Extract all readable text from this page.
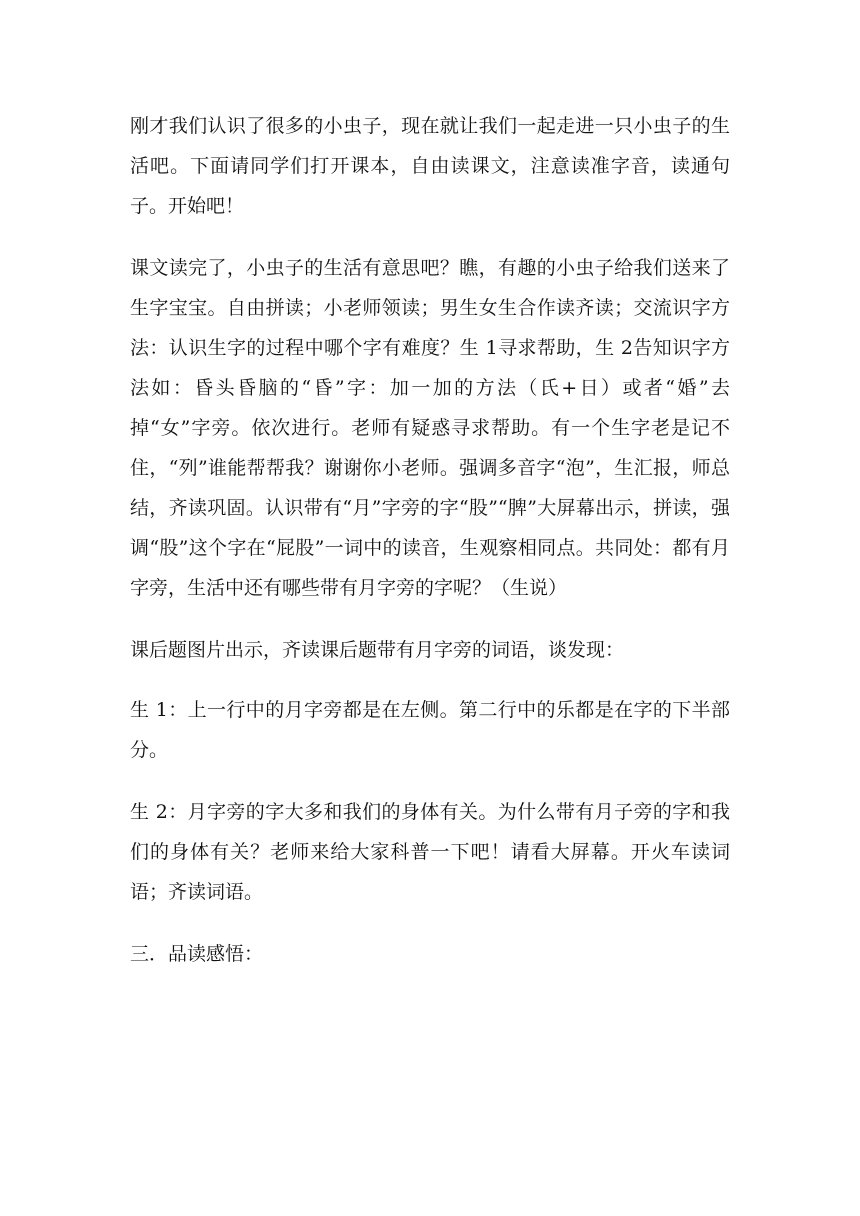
刚才我们认识了很多的小虫子，现在就让我们一起走进一只小虫子的生活吧。下面请同学们打开课本，自由读课文，注意读准字音，读通句子。开始吧！

课文读完了，小虫子的生活有意思吧？瞧，有趣的小虫子给我们送来了生字宝宝。自由拼读；小老师领读；男生女生合作读齐读；交流识字方法：认识生字的过程中哪个字有难度？生 1寻求帮助，生 2告知识字方法如：昏头昏脑的“昏”字：加一加的方法（氏+日）或者“婚”去掉“女”字旁。依次进行。老师有疑惑寻求帮助。有一个生字老是记不住，“列”谁能帮帮我？谢谢你小老师。强调多音字“泡”，生汇报，师总结，齐读巩固。认识带有“月”字旁的字“股”“脾”大屏幕出示，拼读，强调“股”这个字在“屁股”一词中的读音，生观察相同点。共同处：都有月字旁，生活中还有哪些带有月字旁的字呢？（生说）

课后题图片出示，齐读课后题带有月字旁的词语，谈发现：

生 1：上一行中的月字旁都是在左侧。第二行中的乐都是在字的下半部分。

生 2：月字旁的字大多和我们的身体有关。为什么带有月子旁的字和我们的身体有关？老师来给大家科普一下吧！请看大屏幕。开火车读词语；齐读词语。

三．品读感悟：
